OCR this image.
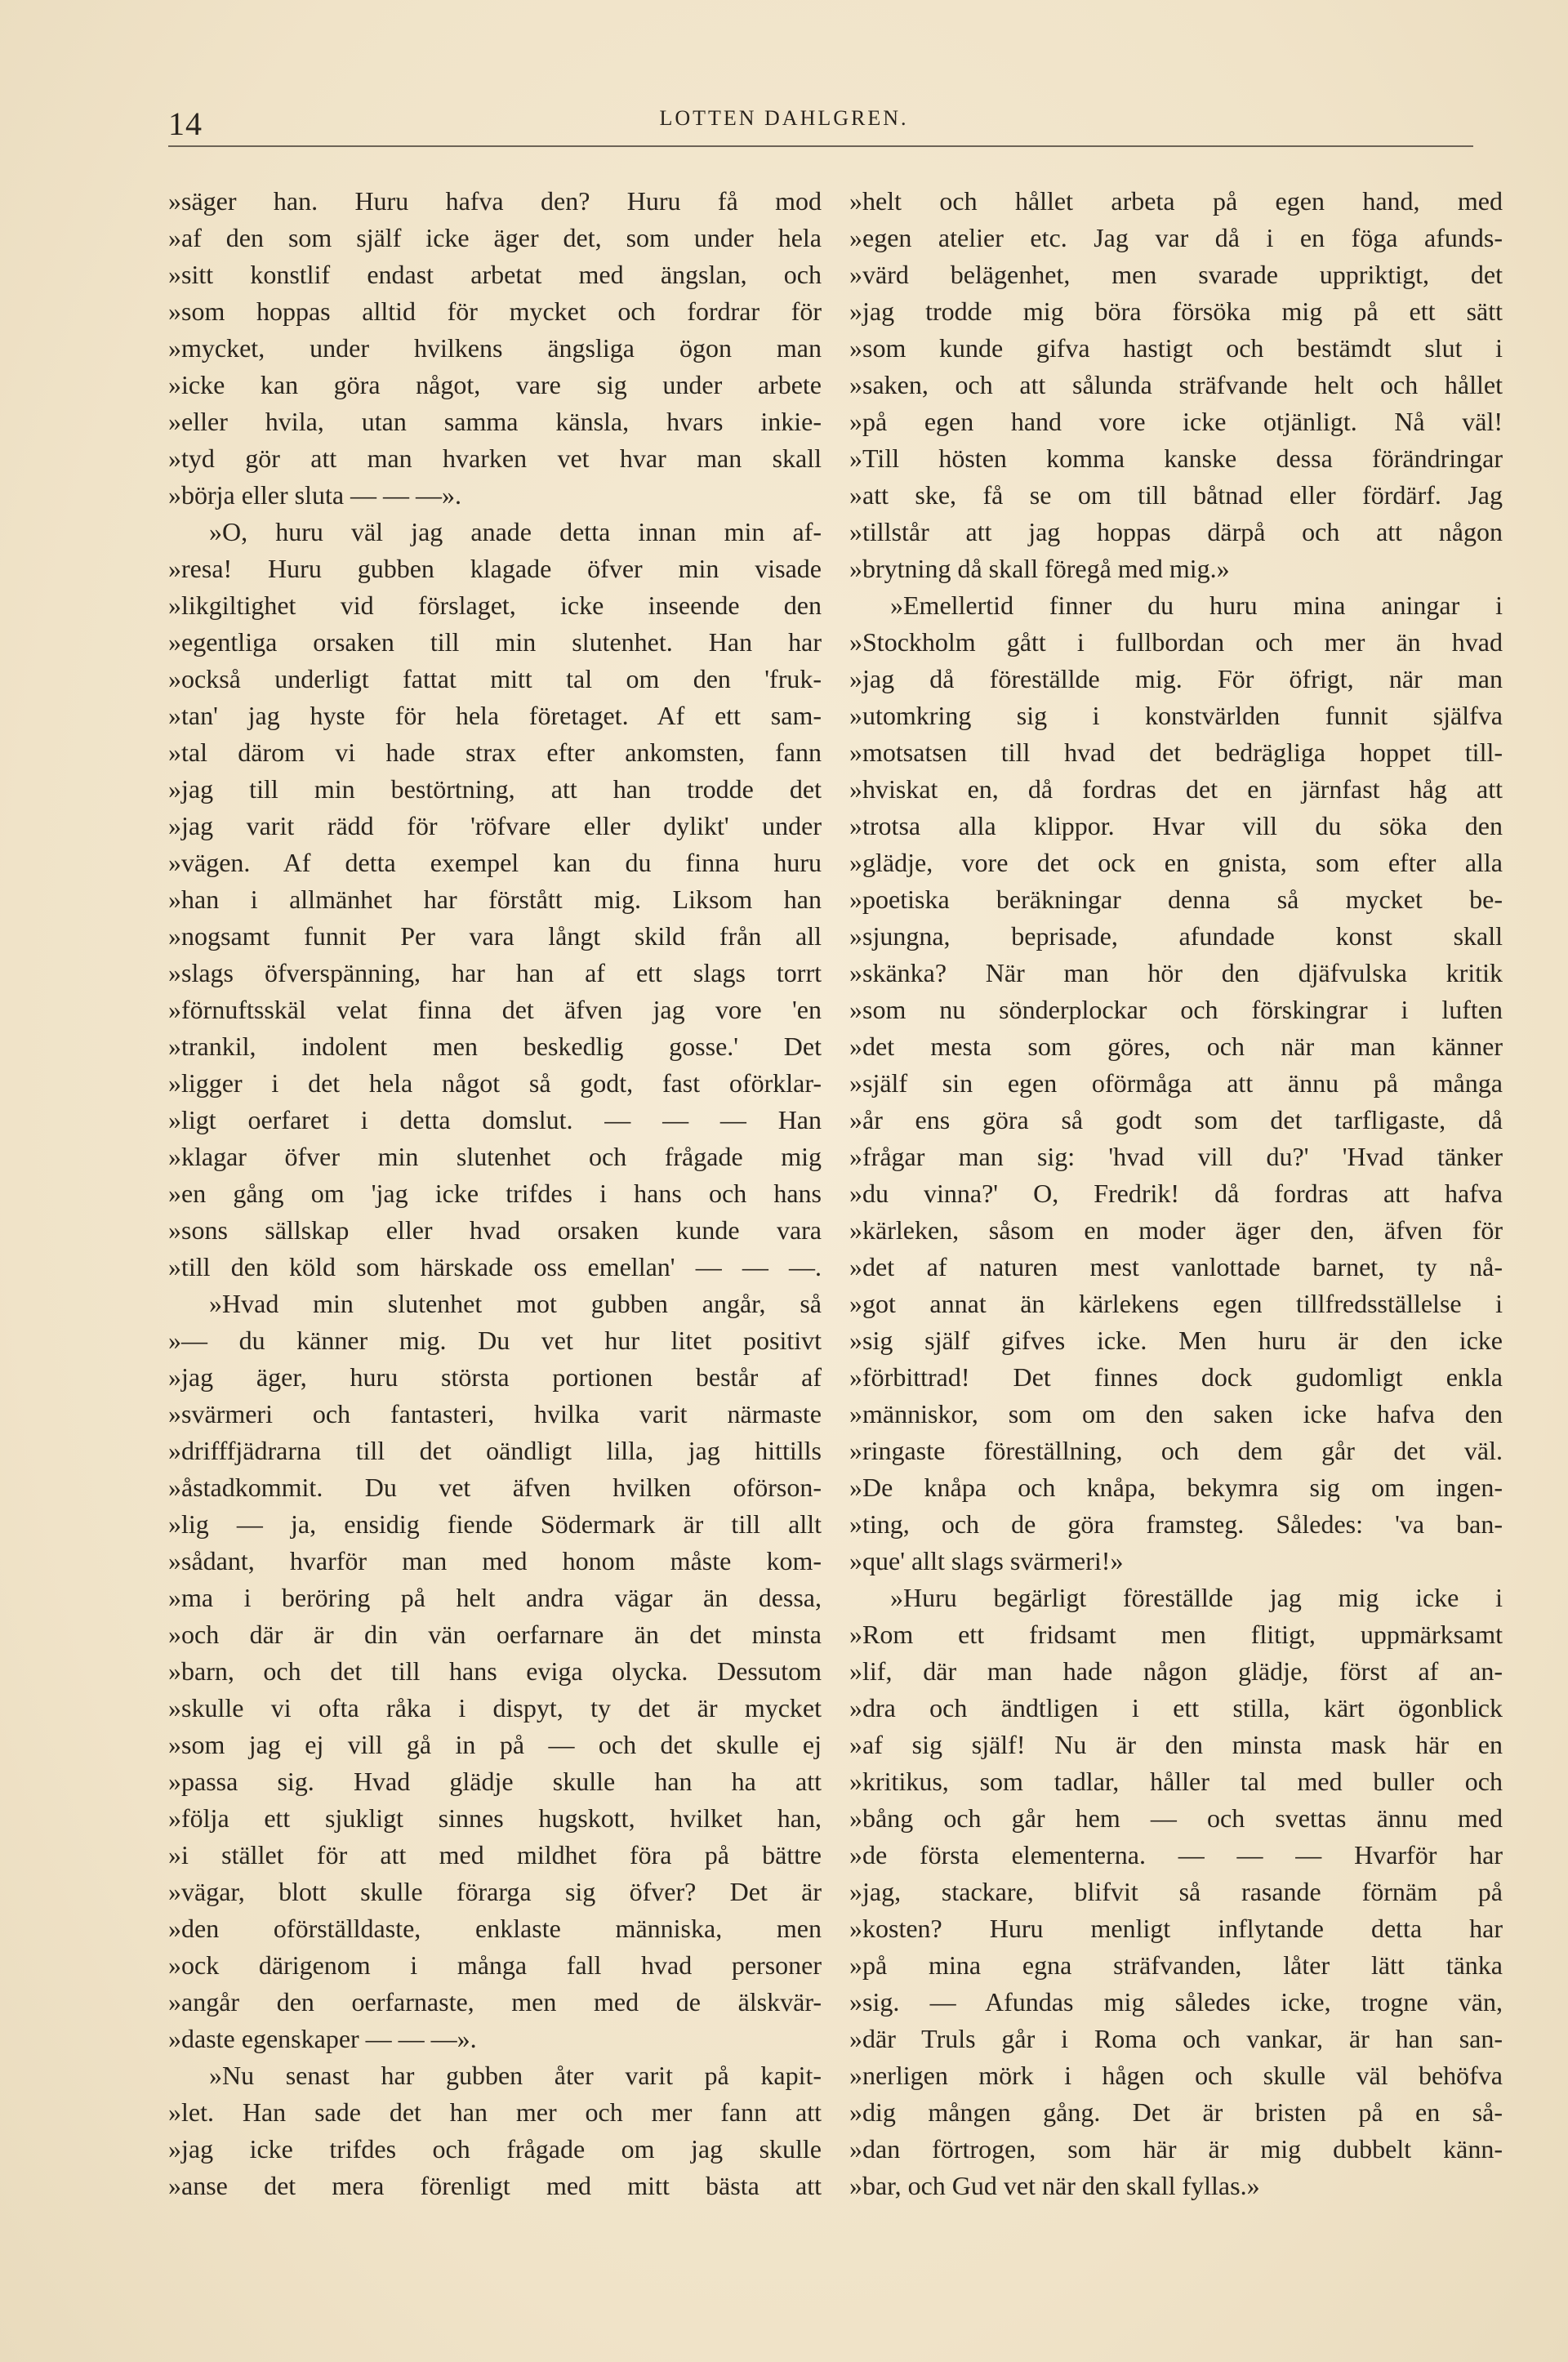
14	LOTTEN DAHLGREN.
»säger han. Huru hafva den? Huru få mod
»af den som själf icke äger det, som under hela
»sitt konstlif endast arbetat med ängslan, och
»som hoppas alltid för mycket och fordrar för
»mycket, under hvilkens ängsliga ögon man
»icke kan göra något, vare sig under arbete
»eller hvila, utan samma känsla, hvars inkie-
»tyd gör att man hvarken vet hvar man skall
»börja eller sluta — — —».
»O, huru väl jag anade detta innan min af-
»resa! Huru gubben klagade öfver min visade
»likgiltighet vid förslaget, icke inseende den
»egentliga orsaken till min slutenhet. Han har
»också underligt fattat mitt tal om den 'fruk-
»tan' jag hyste för hela företaget. Af ett sam-
»tal därom vi hade strax efter ankomsten, fann
»jag till min bestörtning, att han trodde det
»jag varit rädd för 'röfvare eller dylikt' under
»vägen. Af detta exempel kan du finna huru
»han i allmänhet har förstått mig. Liksom han
»nogsamt funnit Per vara långt skild från all
»slags öfverspänning, har han af ett slags torrt
»förnuftsskäl velat finna det äfven jag vore 'en
»trankil, indolent men beskedlig gosse.' Det
»ligger i det hela något så godt, fast oförklar-
»ligt oerfaret i detta domslut. — — — Han
»klagar öfver min slutenhet och frågade mig
»en gång om 'jag icke trifdes i hans och hans
»sons sällskap eller hvad orsaken kunde vara
»till den köld som härskade oss emellan' — — —.
»Hvad min slutenhet mot gubben angår, så
»— du känner mig. Du vet hur litet positivt
»jag äger, huru största portionen består af
»svärmeri och fantasteri, hvilka varit närmaste
»drifffjädrarna till det oändligt lilla, jag hittills
»åstadkommit. Du vet äfven hvilken oförson-
»lig — ja, ensidig fiende Södermark är till allt
»sådant, hvarför man med honom måste kom-
»ma i beröring på helt andra vägar än dessa,
»och där är din vän oerfarnare än det minsta
»barn, och det till hans eviga olycka. Dessutom
»skulle vi ofta råka i dispyt, ty det är mycket
»som jag ej vill gå in på — och det skulle ej
»passa sig. Hvad glädje skulle han ha att
»följa ett sjukligt sinnes hugskott, hvilket han,
»i stället för att med mildhet föra på bättre
»vägar, blott skulle förarga sig öfver? Det är
»den oförställdaste, enklaste människa, men
»ock därigenom i många fall hvad personer
»angår den oerfarnaste, men med de älskvär-
»daste egenskaper — — —».
»Nu senast har gubben åter varit på kapit-
»let. Han sade det han mer och mer fann att
»jag icke trifdes och frågade om jag skulle
»anse det mera förenligt med mitt bästa att
»helt och hållet arbeta på egen hand, med
»egen atelier etc. Jag var då i en föga afunds-
»värd belägenhet, men svarade uppriktigt, det
»jag trodde mig böra försöka mig på ett sätt
»som kunde gifva hastigt och bestämdt slut i
»saken, och att sålunda sträfvande helt och hållet
»på egen hand vore icke otjänligt. Nå väl!
»Till hösten komma kanske dessa förändringar
»att ske, få se om till båtnad eller fördärf. Jag
»tillstår att jag hoppas därpå och att någon
»brytning då skall föregå med mig.»
»Emellertid finner du huru mina aningar i
»Stockholm gått i fullbordan och mer än hvad
»jag då föreställde mig. För öfrigt, när man
»utomkring sig i konstvärlden funnit själfva
»motsatsen till hvad det bedrägliga hoppet till-
»hviskat en, då fordras det en järnfast håg att
»trotsa alla klippor. Hvar vill du söka den
»glädje, vore det ock en gnista, som efter alla
»poetiska beräkningar denna så mycket be-
»sjungna, beprisade, afundade konst skall
»skänka? När man hör den djäfvulska kritik
»som nu sönderplockar och förskingrar i luften
»det mesta som göres, och när man känner
»själf sin egen oförmåga att ännu på många
»år ens göra så godt som det tarfligaste, då
»frågar man sig: 'hvad vill du?' 'Hvad tänker
»du vinna?' O, Fredrik! då fordras att hafva
»kärleken, såsom en moder äger den, äfven för
»det af naturen mest vanlottade barnet, ty nå-
»got annat än kärlekens egen tillfredsställelse i
»sig själf gifves icke. Men huru är den icke
»förbittrad! Det finnes dock gudomligt enkla
»människor, som om den saken icke hafva den
»ringaste föreställning, och dem går det väl.
»De knåpa och knåpa, bekymra sig om ingen-
»ting, och de göra framsteg. Således: 'va ban-
»que' allt slags svärmeri!»
»Huru begärligt föreställde jag mig icke i
»Rom ett fridsamt men flitigt, uppmärksamt
»lif, där man hade någon glädje, först af an-
»dra och ändtligen i ett stilla, kärt ögonblick
»af sig själf! Nu är den minsta mask här en
»kritikus, som tadlar, håller tal med buller och
»bång och går hem — och svettas ännu med
»de första elementerna. — — — Hvarför har
»jag, stackare, blifvit så rasande förnäm på
»kosten? Huru menligt inflytande detta har
»på mina egna sträfvanden, låter lätt tänka
»sig. — Afundas mig således icke, trogne vän,
»där Truls går i Roma och vankar, är han san-
»nerligen mörk i hågen och skulle väl behöfva
»dig mången gång. Det är bristen på en så-
»dan förtrogen, som här är mig dubbelt känn-
»bar, och Gud vet när den skall fyllas.»
